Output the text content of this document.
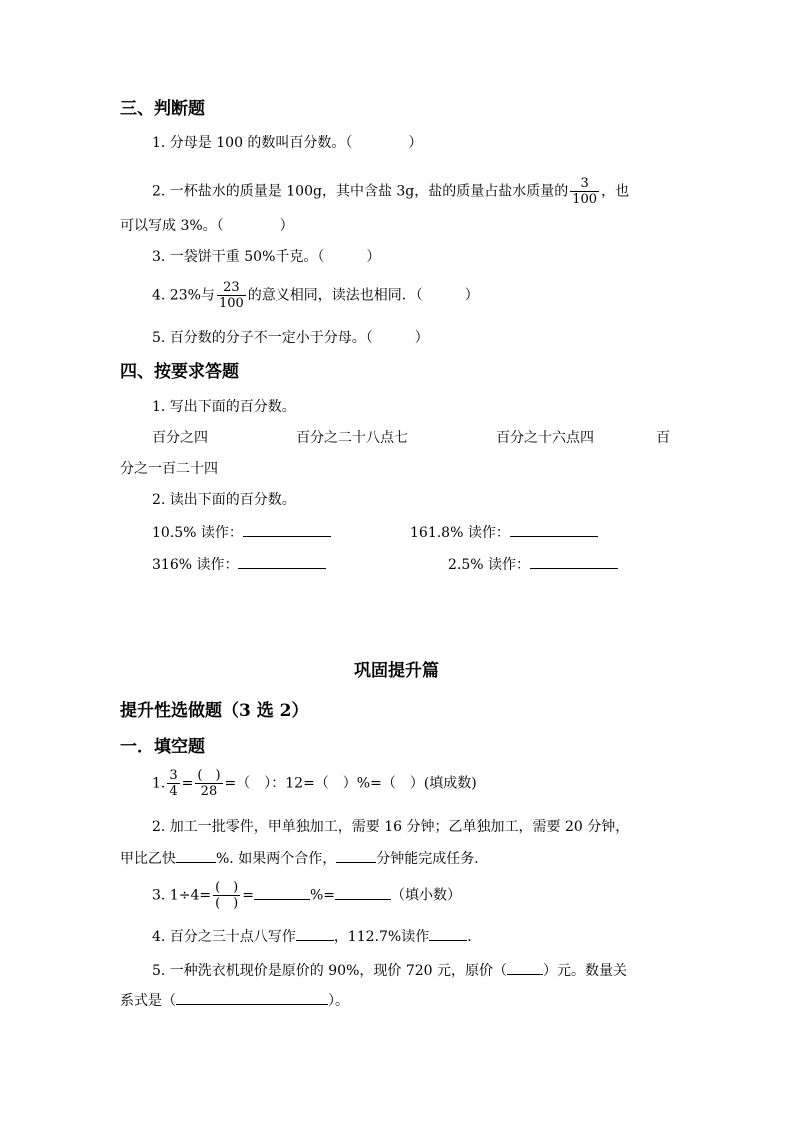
三、判断题
1. 分母是 100 的数叫百分数。（　　　　）
2. 一杯盐水的质量是 100g，其中含盐 3g，盐的质量占盐水质量的 $\frac{3}{100}$ ，也
可以写成 3%。（　　　　）
3. 一袋饼干重 50%千克。（　　　）
4. 23%与 $\frac{23}{100}$ 的意义相同，读法也相同．（　　　）
5. 百分数的分子不一定小于分母。（　　　）
四、按要求答题
1. 写出下面的百分数。
百分之四	百分之二十八点七	百分之十六点四	百
分之一百二十四
2. 读出下面的百分数。
10.5% 读作：	161.8% 读作：
316% 读作：	2.5% 读作：
巩固提升篇
提升性选做题（3 选 2）
一．填空题
1. $\frac{3}{4} = \frac{( )}{28}$ =（　）：12=（　）%=（　）(填成数)
2. 加工一批零件，甲单独加工，需要 16 分钟；乙单独加工，需要 20 分钟，
甲比乙快	%. 如果两个合作，	分钟能完成任务.
3. $1\div 4= \frac{( )}{( )}$ =	%=	（填小数）
4. 百分之三十点八写作	，112.7%读作	.
5. 一种洗衣机现价是原价的 90%，现价 720 元，原价（	）元。数量关
系式是（	）。
